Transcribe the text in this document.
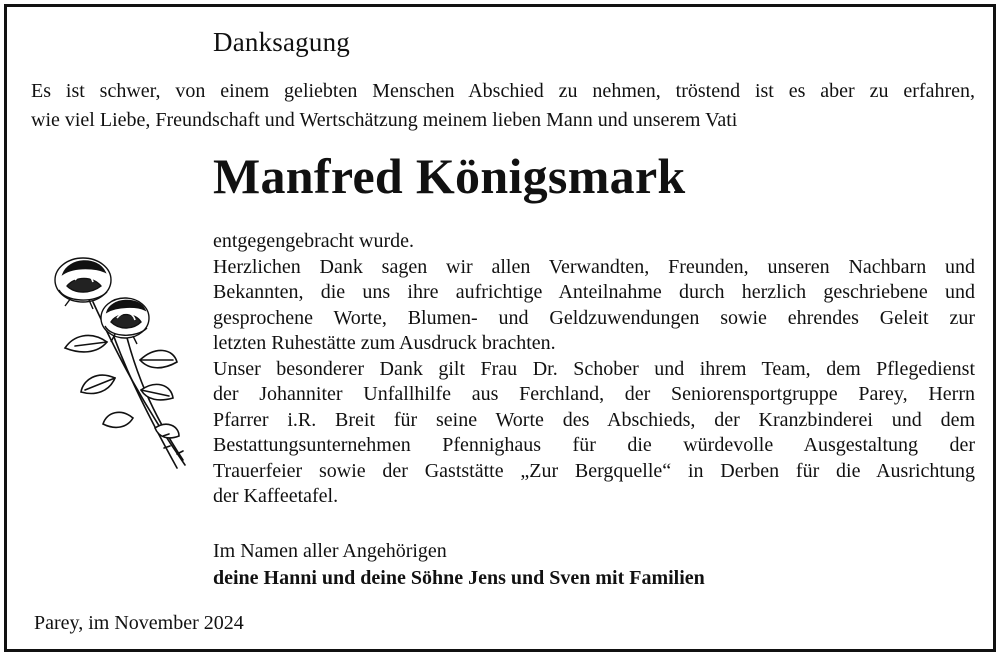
Danksagung
Es ist schwer, von einem geliebten Menschen Abschied zu nehmen, tröstend ist es aber zu erfahren,
wie viel Liebe, Freundschaft und Wertschätzung meinem lieben Mann und unserem Vati
Manfred Königsmark
entgegengebracht wurde.
Herzlichen Dank sagen wir allen Verwandten, Freunden, unseren Nachbarn und
Bekannten, die uns ihre aufrichtige Anteilnahme durch herzlich geschriebene und
gesprochene Worte, Blumen- und Geldzuwendungen sowie ehrendes Geleit zur
letzten Ruhestätte zum Ausdruck brachten.
Unser besonderer Dank gilt Frau Dr. Schober und ihrem Team, dem Pflegedienst
der Johanniter Unfallhilfe aus Ferchland, der Seniorensportgruppe Parey, Herrn
Pfarrer i.R. Breit für seine Worte des Abschieds, der Kranzbinderei und dem
Bestattungsunternehmen Pfennighaus für die würdevolle Ausgestaltung der
Trauerfeier sowie der Gaststätte „Zur Bergquelle“ in Derben für die Ausrichtung
der Kaffeetafel.
Im Namen aller Angehörigen
deine Hanni und deine Söhne Jens und Sven mit Familien
Parey, im November 2024
